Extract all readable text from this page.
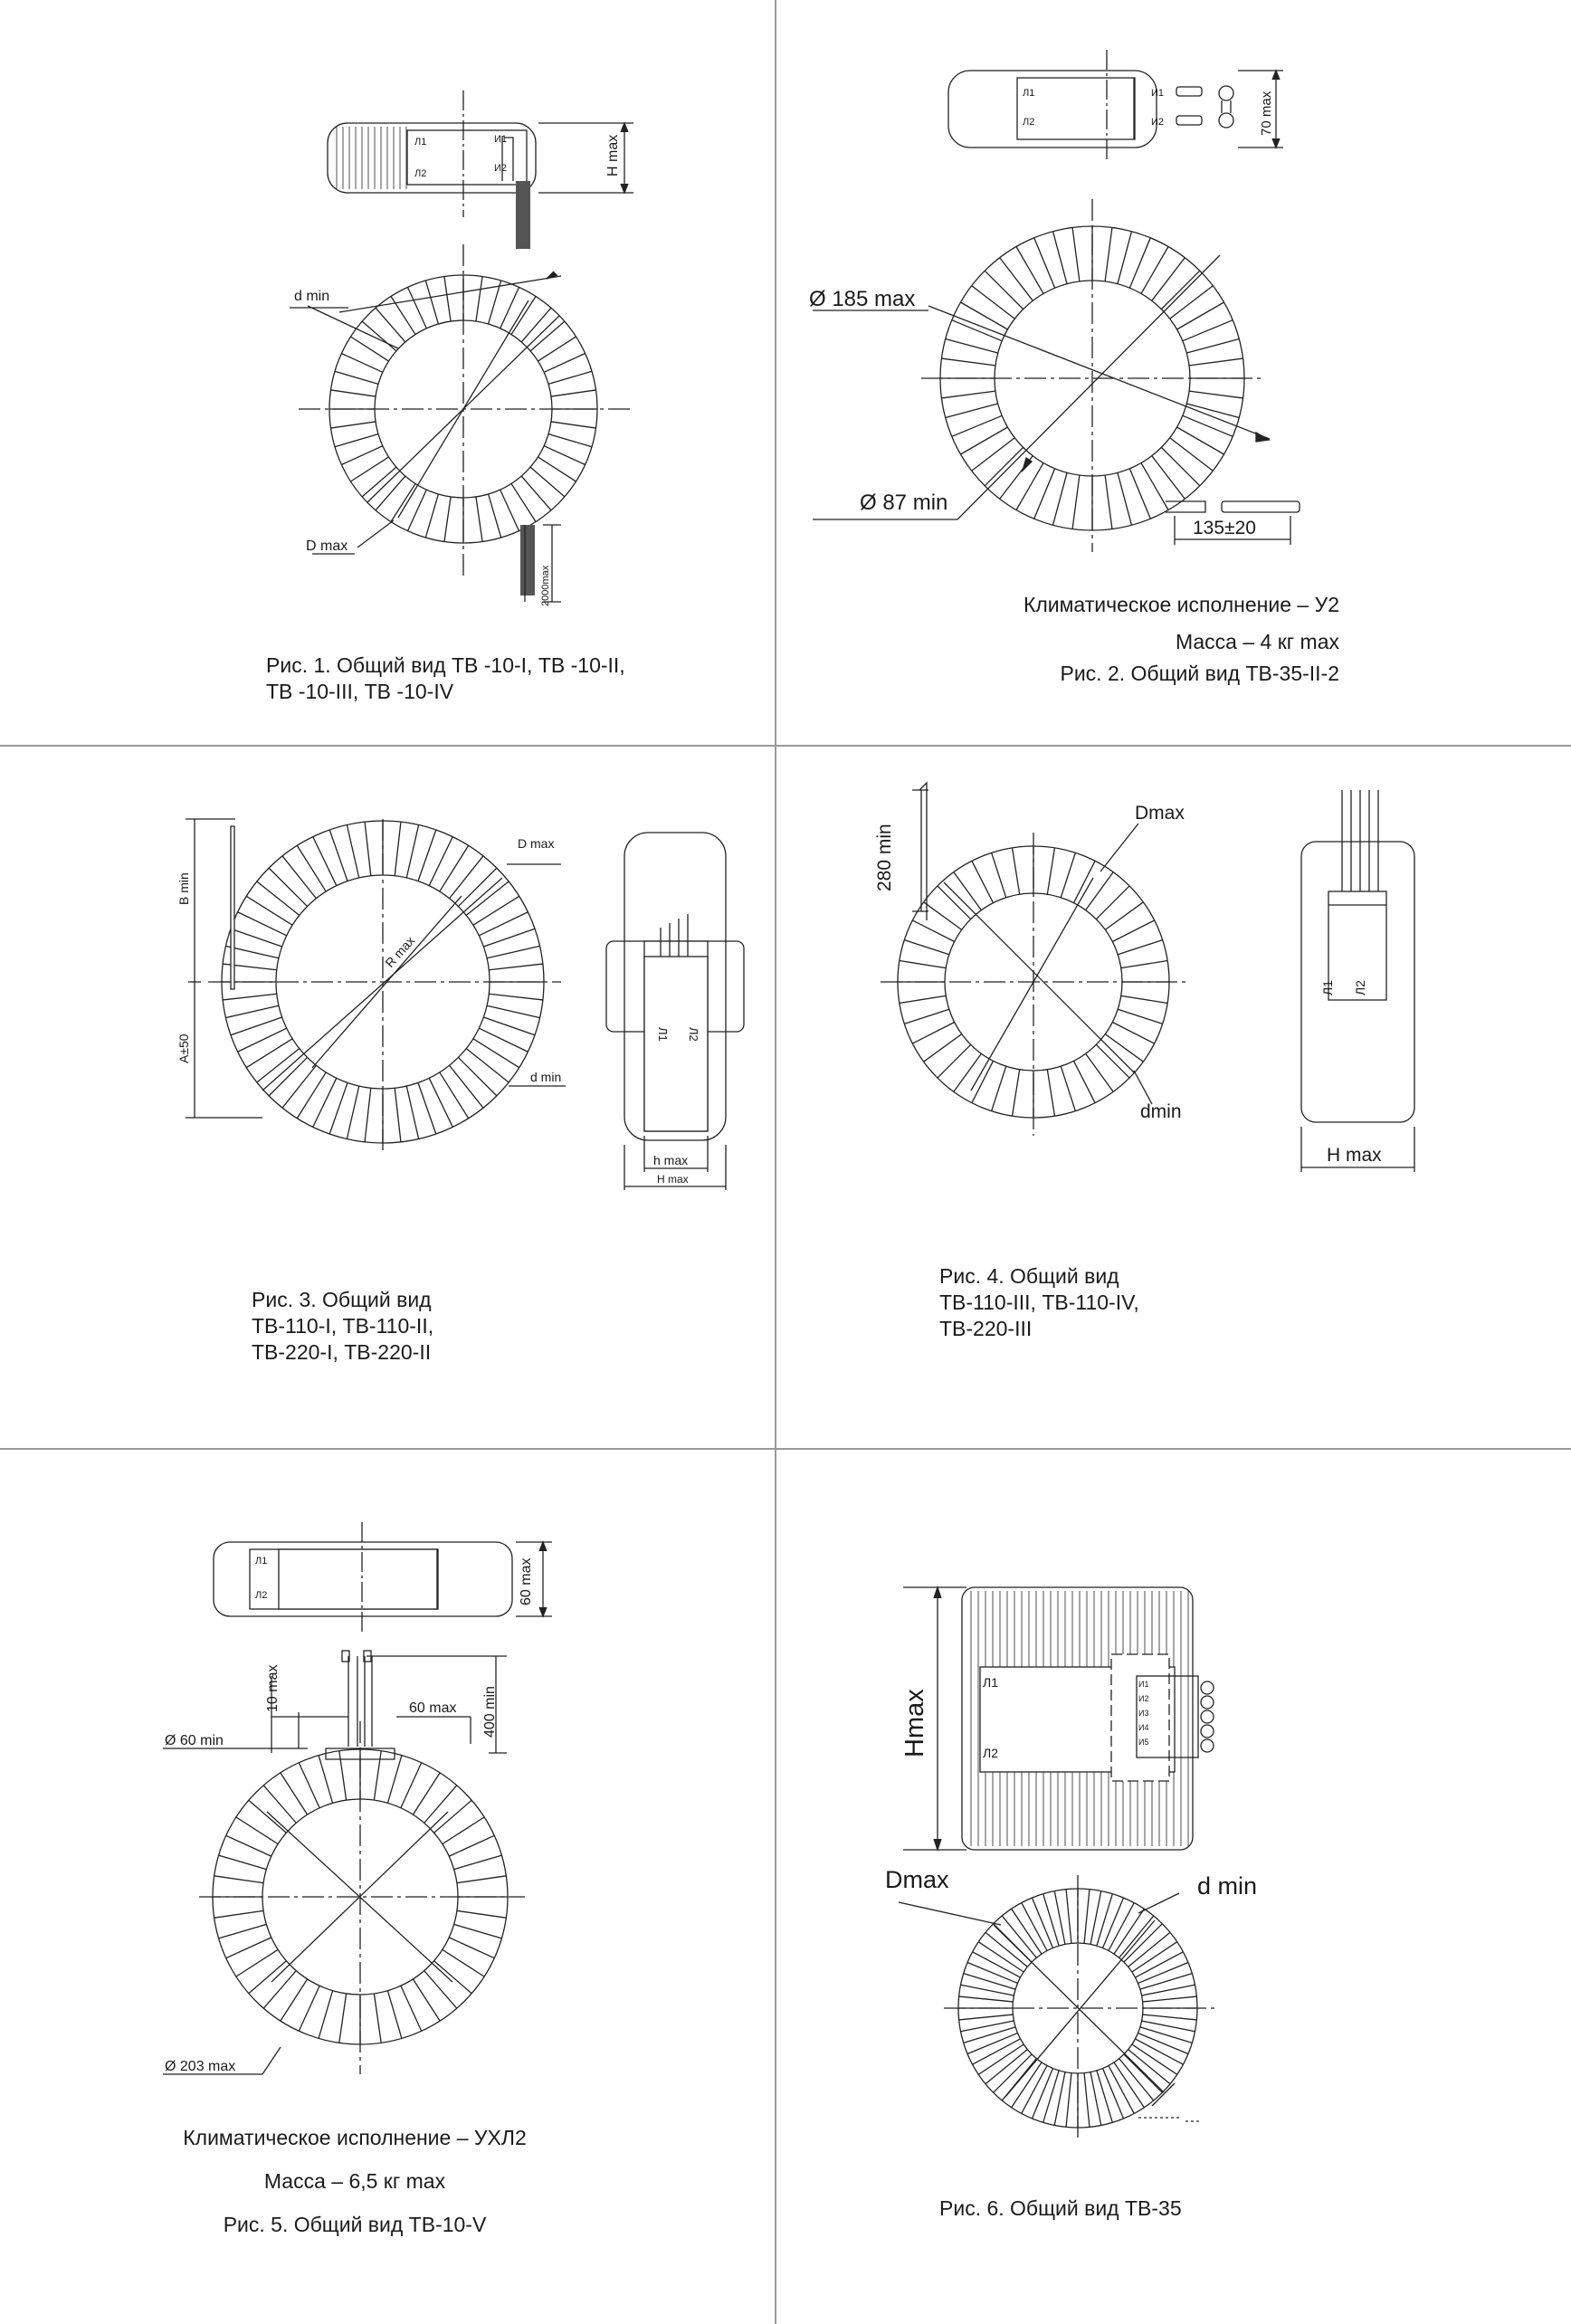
H max
Л1
Л2
И1
И2
d min
D max
2000max
Рис. 1. Общий вид ТВ -10-I, ТВ -10-II,
ТВ -10-III, ТВ -10-IV
70 max
Л1
Л2
И1
И2
Ø 185 max
Ø 87 min
135±20
Климатическое исполнение – У2
Масса – 4 кг max
Рис. 2. Общий вид ТВ-35-II-2
B min
A±50
D max
R max
d min
h max
H max
Л1 Л2
Рис. 3. Общий вид
ТВ-110-I, ТВ-110-II,
ТВ-220-I, ТВ-220-II
280 min
Dmax
dmin
H max
Л1 Л2
Рис. 4. Общий вид
ТВ-110-III, ТВ-110-IV,
ТВ-220-III
60 max
Л1
Л2
10 max	60 max 400 min
Ø 60 min
Ø 203 max
Климатическое исполнение – УХЛ2
Масса – 6,5 кг max
Рис. 5. Общий вид ТВ-10-V
Hmax
Л1
Л2
И1
И2
И3
И4
И5
Dmax	d min
Рис. 6. Общий вид ТВ-35
